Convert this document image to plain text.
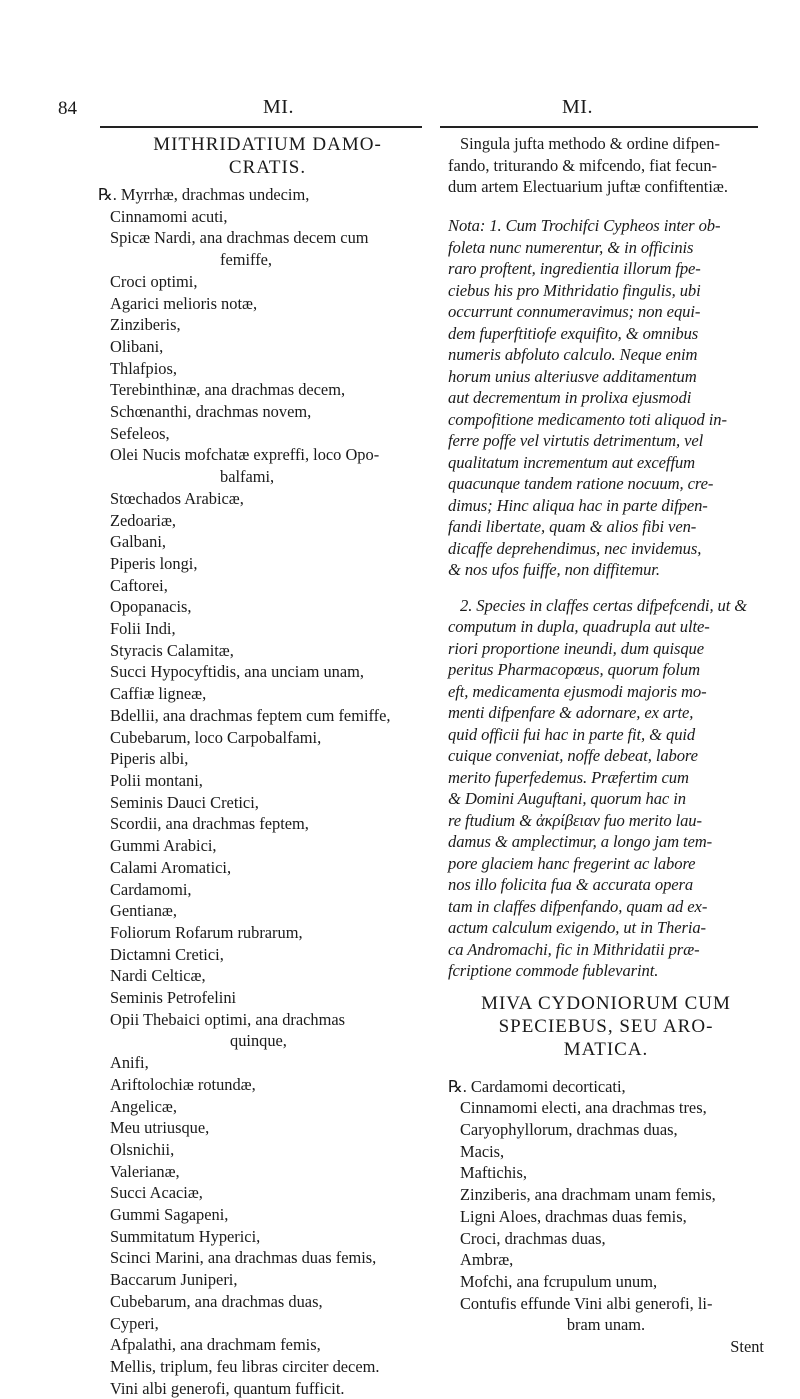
84	MI.	MI.
MITHRIDATIUM DAMO-
CRATIS.
℞. Myrrhæ, drachmas undecim,
Cinnamomi acuti,
Spicæ Nardi, ana drachmas decem cum
femiffe,
Croci optimi,
Agarici melioris notæ,
Zinziberis,
Olibani,
Thlafpios,
Terebinthinæ, ana drachmas decem,
Schœnanthi, drachmas novem,
Sefeleos,
Olei Nucis mofchatæ expreffi, loco Opo-
balfami,
Stœchados Arabicæ,
Zedoariæ,
Galbani,
Piperis longi,
Caftorei,
Opopanacis,
Folii Indi,
Styracis Calamitæ,
Succi Hypocyftidis, ana unciam unam,
Caffiæ ligneæ,
Bdellii, ana drachmas feptem cum femiffe,
Cubebarum, loco Carpobalfami,
Piperis albi,
Polii montani,
Seminis Dauci Cretici,
Scordii, ana drachmas feptem,
Gummi Arabici,
Calami Aromatici,
Cardamomi,
Gentianæ,
Foliorum Rofarum rubrarum,
Dictamni Cretici,
Nardi Celticæ,
Seminis Petrofelini
Opii Thebaici optimi, ana drachmas
quinque,
Anifi,
Ariftolochiæ rotundæ,
Angelicæ,
Meu utriusque,
Olsnichii,
Valerianæ,
Succi Acaciæ,
Gummi Sagapeni,
Summitatum Hyperici,
Scinci Marini, ana drachmas duas femis,
Baccarum Juniperi,
Cubebarum, ana drachmas duas,
Cyperi,
Afpalathi, ana drachmam femis,
Mellis, triplum, feu libras circiter decem.
Vini albi generofi, quantum fufficit.
Singula jufta methodo & ordine difpen-
fando, triturando & mifcendo, fiat fecun-
dum artem Electuarium juftæ confiftentiæ.
Nota: 1. Cum Trochifci Cypheos inter ob-
foleta nunc numerentur, & in officinis
raro proftent, ingredientia illorum fpe-
ciebus his pro Mithridatio fingulis, ubi
occurrunt connumeravimus; non equi-
dem fuperftitiofe exquifito, & omnibus
numeris abfoluto calculo. Neque enim
horum unius alteriusve additamentum
aut decrementum in prolixa ejusmodi
compofitione medicamento toti aliquod in-
ferre poffe vel virtutis detrimentum, vel
qualitatum incrementum aut exceffum
quacunque tandem ratione nocuum, cre-
dimus; Hinc aliqua hac in parte difpen-
fandi libertate, quam & alios fibi ven-
dicaffe deprehendimus, nec invidemus,
& nos ufos fuiffe, non diffitemur.
2. Species in claffes certas difpefcendi, ut &
computum in dupla, quadrupla aut ulte-
riori proportione ineundi, dum quisque
peritus Pharmacopœus, quorum folum
eft, medicamenta ejusmodi majoris mo-
menti difpenfare & adornare, ex arte,
quid officii fui hac in parte fit, & quid
cuique conveniat, noffe debeat, labore
merito fuperfedemus. Præfertim cum
& Domini Auguftani, quorum hac in
re ftudium & ἀκρίβειαν fuo merito lau-
damus & amplectimur, a longo jam tem-
pore glaciem hanc fregerint ac labore
nos illo folicita fua & accurata opera
tam in claffes difpenfando, quam ad ex-
actum calculum exigendo, ut in Theria-
ca Andromachi, fic in Mithridatii præ-
fcriptione commode fublevarint.
MIVA CYDONIORUM CUM
SPECIEBUS, SEU ARO-
MATICA.
℞. Cardamomi decorticati,
Cinnamomi electi, ana drachmas tres,
Caryophyllorum, drachmas duas,
Macis,
Maftichis,
Zinziberis, ana drachmam unam femis,
Ligni Aloes, drachmas duas femis,
Croci, drachmas duas,
Ambræ,
Mofchi, ana fcrupulum unum,
Contufis effunde Vini albi generofi, li-
bram unam.
Stent
